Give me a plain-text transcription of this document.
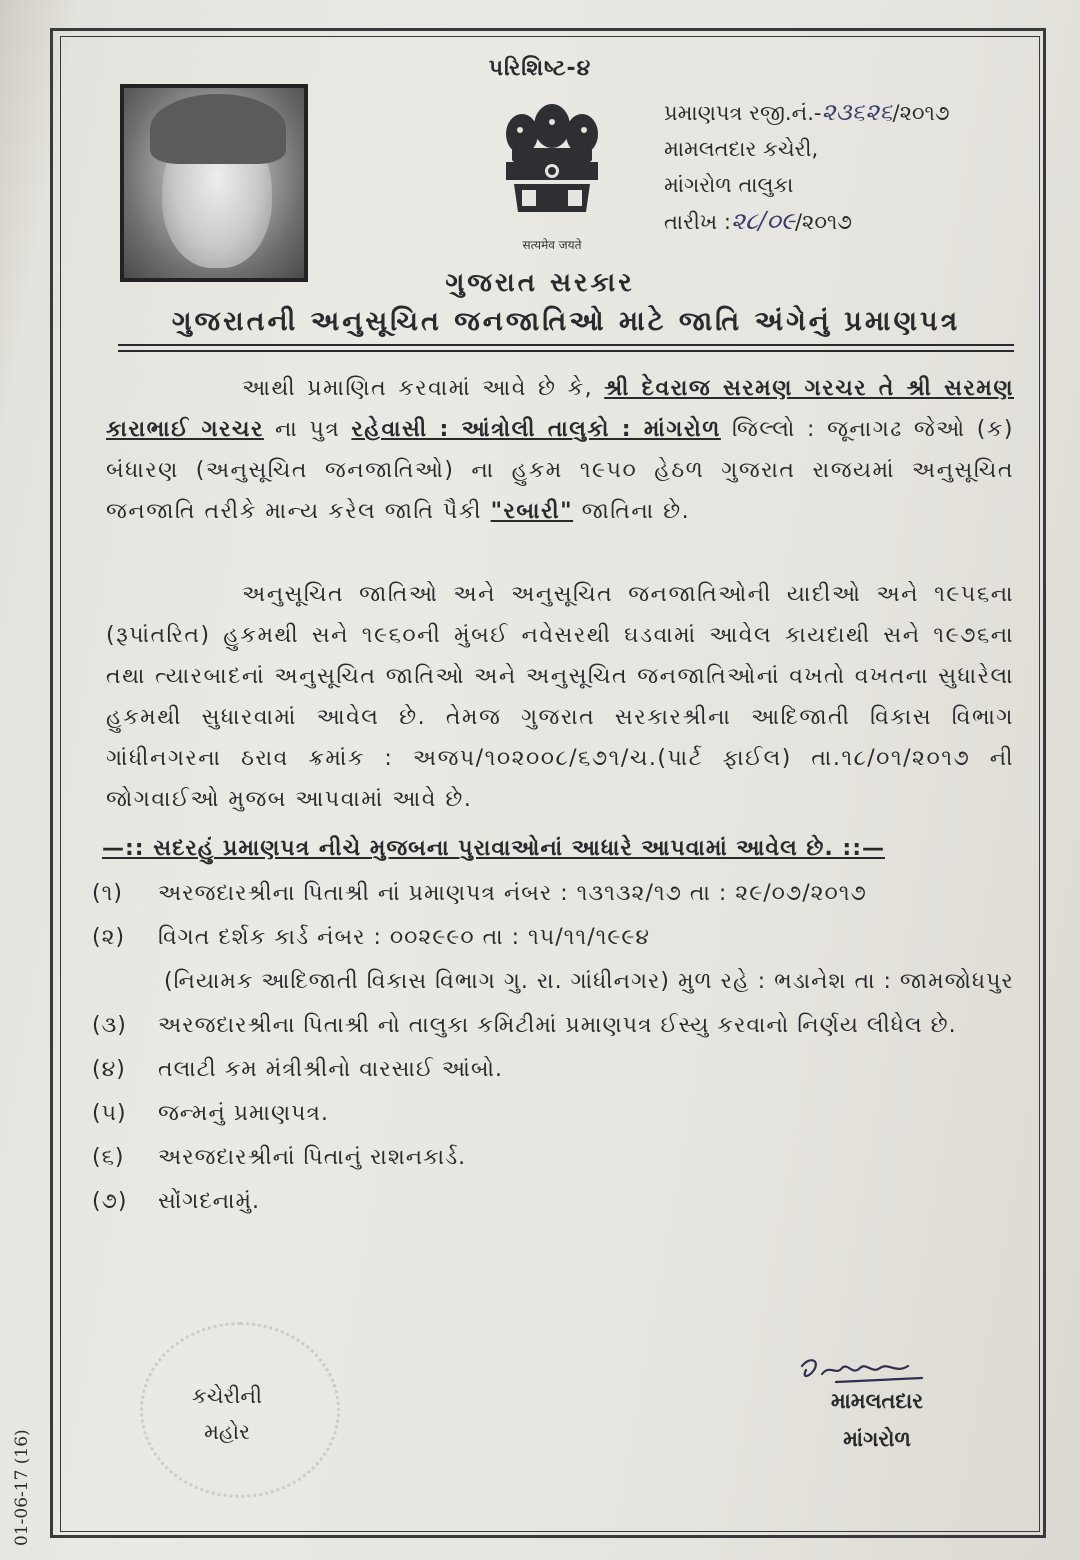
પરિશિષ્ટ-૪
सत्यमेव जयते
પ્રમાણપત્ર રજી.નં.-૨૩૬૨૬/૨૦૧૭
મામલતદાર કચેરી,
માંગરોળ તાલુકા
તારીખ :૨૮/૦૯/૨૦૧૭
ગુજરાત સરકાર
ગુજરાતની અનુસૂચિત જનજાતિઓ માટે જાતિ અંગેનું પ્રમાણપત્ર
આથી પ્રમાણિત કરવામાં આવે છે કે, શ્રી દેવરાજ સરમણ ગરચર તે શ્રી સરમણ કારાભાઈ ગરચર ના પુત્ર રહેવાસી : આંત્રોલી તાલુકો : માંગરોળ જિલ્લો : જૂનાગઢ જેઓ (ક) બંધારણ (અનુસૂચિત જનજાતિઓ) ના હુકમ ૧૯૫૦ હેઠળ ગુજરાત રાજયમાં અનુસૂચિત જનજાતિ તરીકે માન્ય કરેલ જાતિ પૈકી "રબારી" જાતિના છે.
અનુસૂચિત જાતિઓ અને અનુસૂચિત જનજાતિઓની યાદીઓ અને ૧૯૫૬ના (રૂપાંતરિત) હુકમથી સને ૧૯૬૦ની મુંબઈ નવેસરથી ઘડવામાં આવેલ કાયદાથી સને ૧૯૭૬ના તથા ત્યારબાદનાં અનુસૂચિત જાતિઓ અને અનુસૂચિત જનજાતિઓનાં વખતો વખતના સુધારેલા હુકમથી સુધારવામાં આવેલ છે. તેમજ ગુજરાત સરકારશ્રીના આદિજાતી વિકાસ વિભાગ ગાંધીનગરના ઠરાવ ક્રમાંક : અજપ/૧૦૨૦૦૮/૬૭૧/ચ.(પાર્ટ ફાઈલ) તા.૧૮/૦૧/૨૦૧૭ ની જોગવાઈઓ મુજબ આપવામાં આવે છે.
—:: સદરહું પ્રમાણપત્ર નીચે મુજબના પુરાવાઓનાં આધારે આપવામાં આવેલ છે. ::—
(૧)	અરજદારશ્રીના પિતાશ્રી નાં પ્રમાણપત્ર નંબર : ૧૩૧૩૨/૧૭ તા : ૨૯/૦૭/૨૦૧૭
(૨)	વિગત દર્શક કાર્ડ નંબર : ૦૦૨૯૯૦ તા : ૧૫/૧૧/૧૯૯૪
(નિયામક આદિજાતી વિકાસ વિભાગ ગુ. રા. ગાંધીનગર) મુળ રહે : ભડાનેશ તા : જામજોધપુર
(૩)	અરજદારશ્રીના પિતાશ્રી નો તાલુકા કમિટીમાં પ્રમાણપત્ર ઈસ્યુ કરવાનો નિર્ણય લીધેલ છે.
(૪)	તલાટી કમ મંત્રીશ્રીનો વારસાઈ આંબો.
(૫)	જન્મનું પ્રમાણપત્ર.
(૬)	અરજદારશ્રીનાં પિતાનું રાશનકાર્ડ.
(૭)	સોંગદનામું.
કચેરીની
મહોર
મામલતદાર
માંગરોળ
01-06-17 (16)
